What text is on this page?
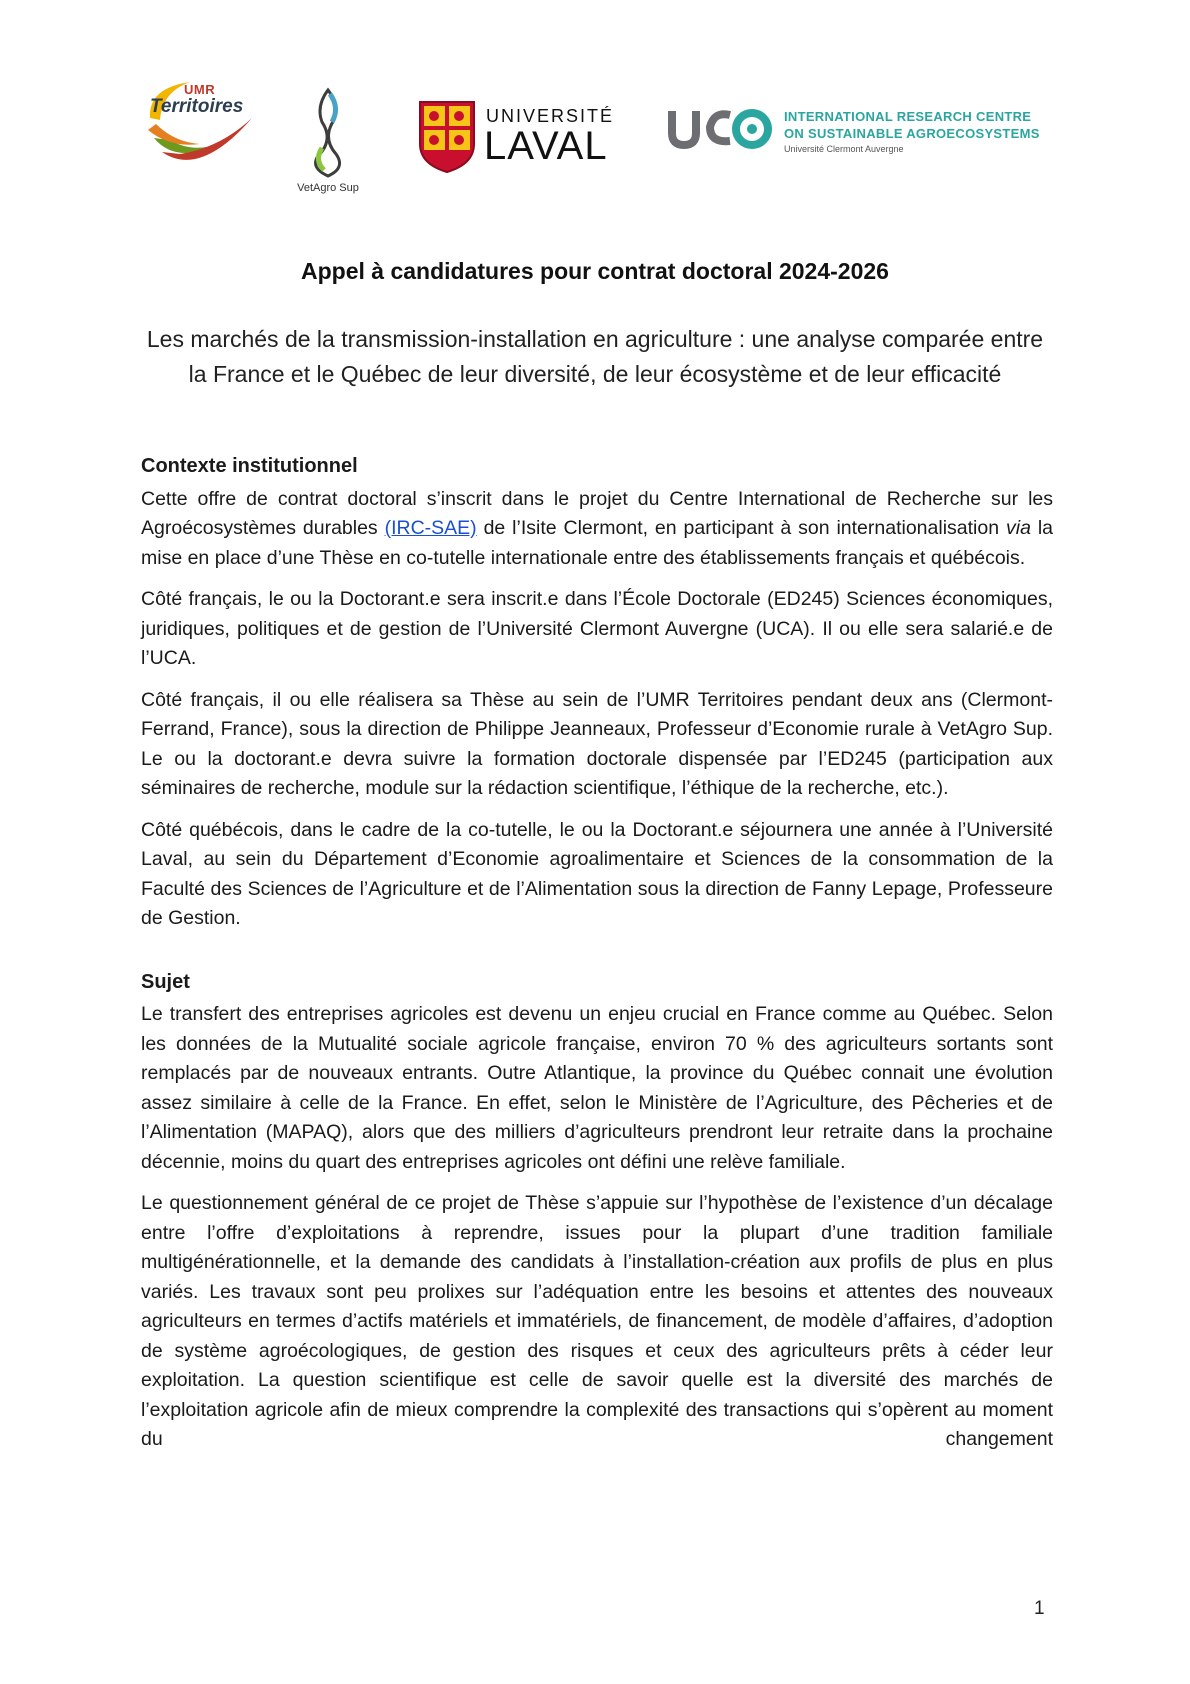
UMR
Territoires
VetAgro Sup
UNIVERSITÉ
LAVAL
INTERNATIONAL RESEARCH CENTRE
ON SUSTAINABLE AGROECOSYSTEMS
Université Clermont Auvergne
Appel à candidatures pour contrat doctoral 2024-2026
Les marchés de la transmission-installation en agriculture : une analyse comparée entre la France et le Québec de leur diversité, de leur écosystème et de leur efficacité
Contexte institutionnel

Cette offre de contrat doctoral s’inscrit dans le projet du Centre International de Recherche sur les Agroécosystèmes durables (IRC-SAE) de l’Isite Clermont, en participant à son internationalisation via la mise en place d’une Thèse en co-tutelle internationale entre des établissements français et québécois.

Côté français, le ou la Doctorant.e sera inscrit.e dans l’École Doctorale (ED245) Sciences économiques, juridiques, politiques et de gestion de l’Université Clermont Auvergne (UCA). Il ou elle sera salarié.e de l’UCA.

Côté français, il ou elle réalisera sa Thèse au sein de l’UMR Territoires pendant deux ans (Clermont-Ferrand, France), sous la direction de Philippe Jeanneaux, Professeur d’Economie rurale à VetAgro Sup. Le ou la doctorant.e devra suivre la formation doctorale dispensée par l’ED245 (participation aux séminaires de recherche, module sur la rédaction scientifique, l’éthique de la recherche, etc.).

Côté québécois, dans le cadre de la co-tutelle, le ou la Doctorant.e séjournera une année à l’Université Laval, au sein du Département d’Economie agroalimentaire et Sciences de la consommation de la Faculté des Sciences de l’Agriculture et de l’Alimentation sous la direction de Fanny Lepage, Professeure de Gestion.

Sujet

Le transfert des entreprises agricoles est devenu un enjeu crucial en France comme au Québec. Selon les données de la Mutualité sociale agricole française, environ 70 % des agriculteurs sortants sont remplacés par de nouveaux entrants. Outre Atlantique, la province du Québec connait une évolution assez similaire à celle de la France. En effet, selon le Ministère de l’Agriculture, des Pêcheries et de l’Alimentation (MAPAQ), alors que des milliers d’agriculteurs prendront leur retraite dans la prochaine décennie, moins du quart des entreprises agricoles ont défini une relève familiale.

Le questionnement général de ce projet de Thèse s’appuie sur l’hypothèse de l’existence d’un décalage entre l’offre d’exploitations à reprendre, issues pour la plupart d’une tradition familiale multigénérationnelle, et la demande des candidats à l’installation-création aux profils de plus en plus variés. Les travaux sont peu prolixes sur l’adéquation entre les besoins et attentes des nouveaux agriculteurs en termes d’actifs matériels et immatériels, de financement, de modèle d’affaires, d’adoption de système agroécologiques, de gestion des risques et ceux des agriculteurs prêts à céder leur exploitation. La question scientifique est celle de savoir quelle est la diversité des marchés de l’exploitation agricole afin de mieux comprendre la complexité des transactions qui s’opèrent au moment du changement

1
